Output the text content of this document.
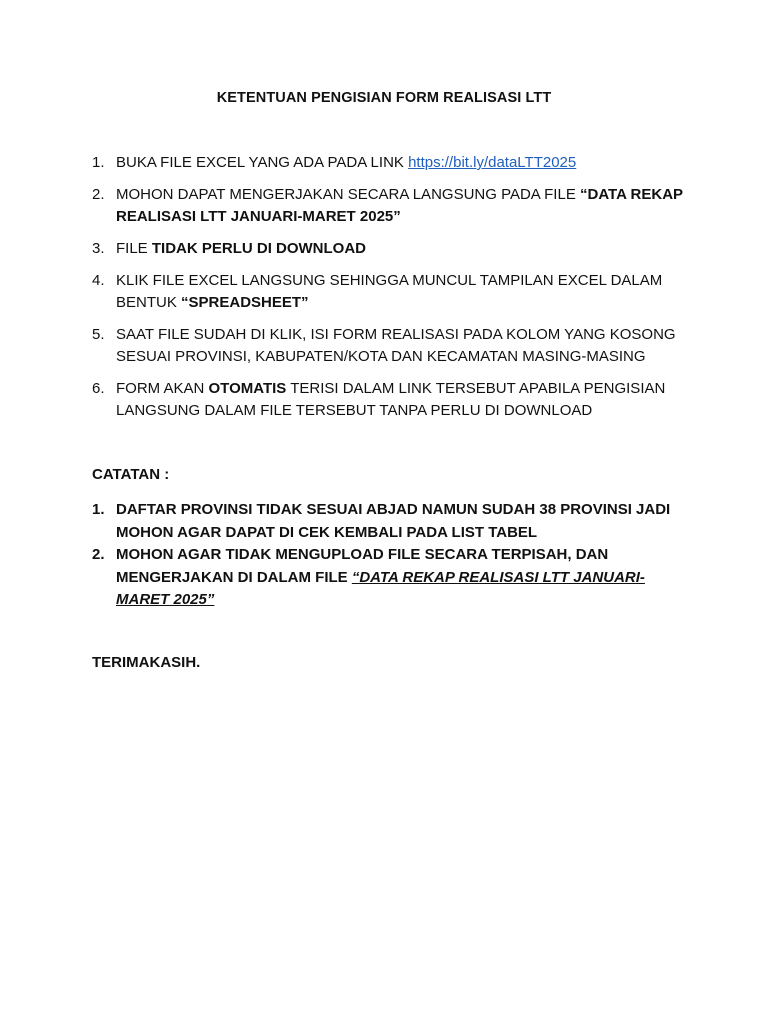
KETENTUAN PENGISIAN FORM REALISASI LTT
1. BUKA FILE EXCEL YANG ADA PADA LINK https://bit.ly/dataLTT2025
2. MOHON DAPAT MENGERJAKAN SECARA LANGSUNG PADA FILE “DATA REKAP REALISASI LTT JANUARI-MARET 2025”
3. FILE TIDAK PERLU DI DOWNLOAD
4. KLIK FILE EXCEL LANGSUNG SEHINGGA MUNCUL TAMPILAN EXCEL DALAM BENTUK “SPREADSHEET”
5. SAAT FILE SUDAH DI KLIK, ISI FORM REALISASI PADA KOLOM YANG KOSONG SESUAI PROVINSI, KABUPATEN/KOTA DAN KECAMATAN MASING-MASING
6. FORM AKAN OTOMATIS TERISI DALAM LINK TERSEBUT APABILA PENGISIAN LANGSUNG DALAM FILE TERSEBUT TANPA PERLU DI DOWNLOAD
CATATAN :
1. DAFTAR PROVINSI TIDAK SESUAI ABJAD NAMUN SUDAH 38 PROVINSI JADI MOHON AGAR DAPAT DI CEK KEMBALI PADA LIST TABEL
2. MOHON AGAR TIDAK MENGUPLOAD FILE SECARA TERPISAH, DAN MENGERJAKAN DI DALAM FILE “DATA REKAP REALISASI LTT JANUARI-MARET 2025”
TERIMAKASIH.
